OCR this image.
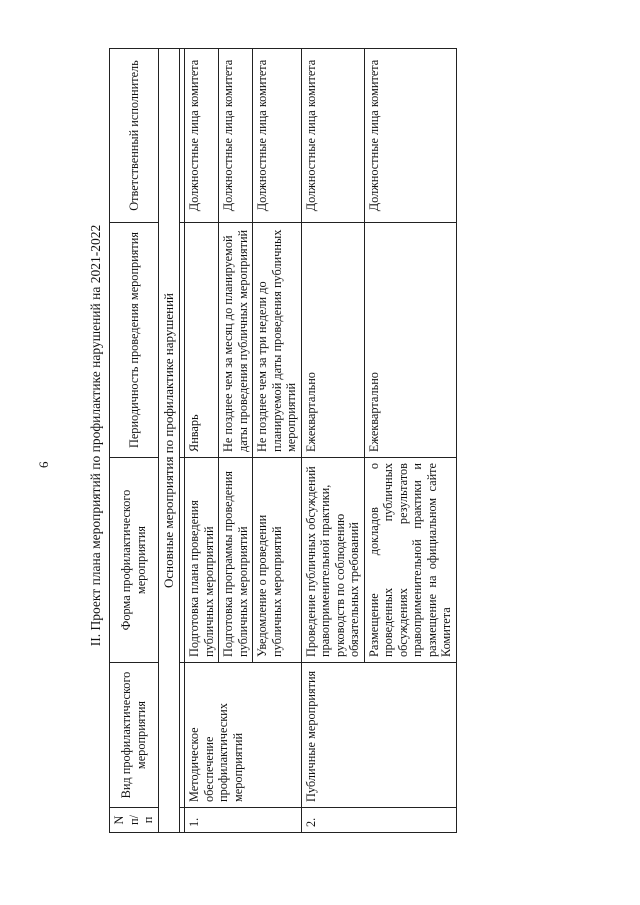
6	II. Проект плана мероприятий по профилактике нарушений на 2021-2022
N п/п	Вид профилактического мероприятия	Форма профилактического мероприятия	Периодичность проведения мероприятия	Ответственный исполнитель
Основные мероприятия по профилактике нарушений				

1.	Методическое обеспечение профилактических мероприятий	Подготовка плана проведения публичных мероприятий	Январь	Должностные лица комитета
		Подготовка программы проведения публичных мероприятий	Не позднее чем за месяц до планируемой даты проведения публичных мероприятий	Должностные лица комитета
		Уведомление о проведении публичных мероприятий	Не позднее чем за три недели до планируемой даты проведения публичных мероприятий	Должностные лица комитета
2.	Публичные мероприятия	Проведение публичных обсуждений правоприменительной практики, руководств по соблюдению обязательных требований	Ежеквартально	Должностные лица комитета
		Размещение докладов о проведенных публичных обсуждениях результатов правоприменительной практики и размещение на официальном сайте Комитета	Ежеквартально	Должностные лица комитета
